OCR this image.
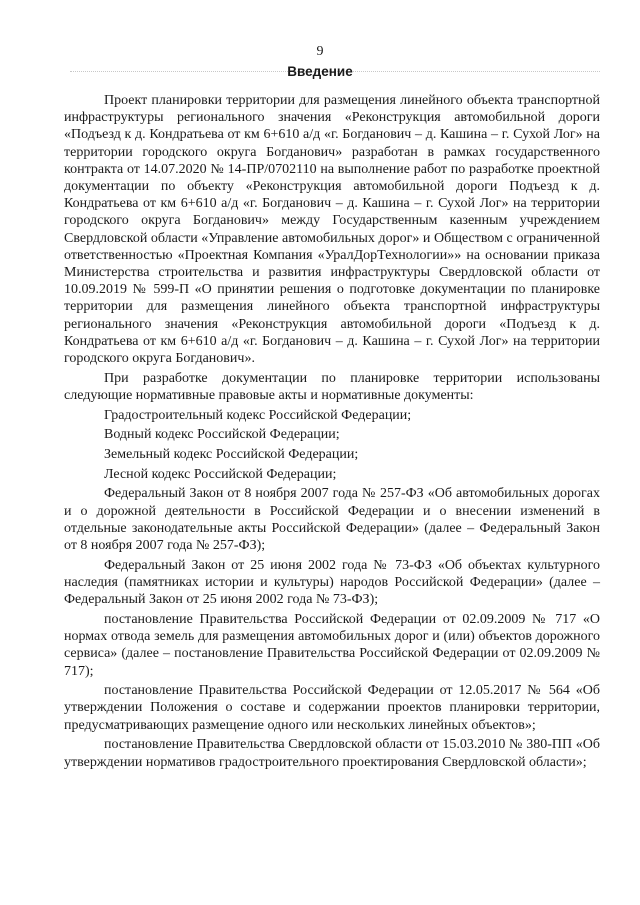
9
Введение

Проект планировки территории для размещения линейного объекта транспортной инфраструктуры регионального значения «Реконструкция автомобильной дороги «Подъезд к д. Кондратьева от км 6+610 а/д «г. Богданович – д. Кашина – г. Сухой Лог» на территории городского округа Богданович» разработан в рамках государственного контракта от 14.07.2020 № 14-ПР/0702110 на выполнение работ по разработке проектной документации по объекту «Реконструкция автомобильной дороги Подъезд к д. Кондратьева от км 6+610 а/д «г. Богданович – д. Кашина – г. Сухой Лог» на территории городского округа Богданович» между Государственным казенным учреждением Свердловской области «Управление автомобильных дорог» и Обществом с ограниченной ответственностью «Проектная Компания «УралДорТехнологии»» на основании приказа Министерства строительства и развития инфраструктуры Свердловской области от 10.09.2019 № 599-П «О принятии решения о подготовке документации по планировке территории для размещения линейного объекта транспортной инфраструктуры регионального значения «Реконструкция автомобильной дороги «Подъезд к д. Кондратьева от км 6+610 а/д «г. Богданович – д. Кашина – г. Сухой Лог» на территории городского округа Богданович».

При разработке документации по планировке территории использованы следующие нормативные правовые акты и нормативные документы:

Градостроительный кодекс Российской Федерации;

Водный кодекс Российской Федерации;

Земельный кодекс Российской Федерации;

Лесной кодекс Российской Федерации;

Федеральный Закон от 8 ноября 2007 года № 257-ФЗ «Об автомобильных дорогах и о дорожной деятельности в Российской Федерации и о внесении изменений в отдельные законодательные акты Российской Федерации» (далее – Федеральный Закон от 8 ноября 2007 года № 257-ФЗ);

Федеральный Закон от 25 июня 2002 года № 73-ФЗ «Об объектах культурного наследия (памятниках истории и культуры) народов Российской Федерации» (далее – Федеральный Закон от 25 июня 2002 года № 73-ФЗ);

постановление Правительства Российской Федерации от 02.09.2009 № 717 «О нормах отвода земель для размещения автомобильных дорог и (или) объектов дорожного сервиса» (далее – постановление Правительства Российской Федерации от 02.09.2009 № 717);

постановление Правительства Российской Федерации от 12.05.2017 № 564 «Об утверждении Положения о составе и содержании проектов планировки территории, предусматривающих размещение одного или нескольких линейных объектов»;

постановление Правительства Свердловской области от 15.03.2010 № 380-ПП «Об утверждении нормативов градостроительного проектирования Свердловской области»;
